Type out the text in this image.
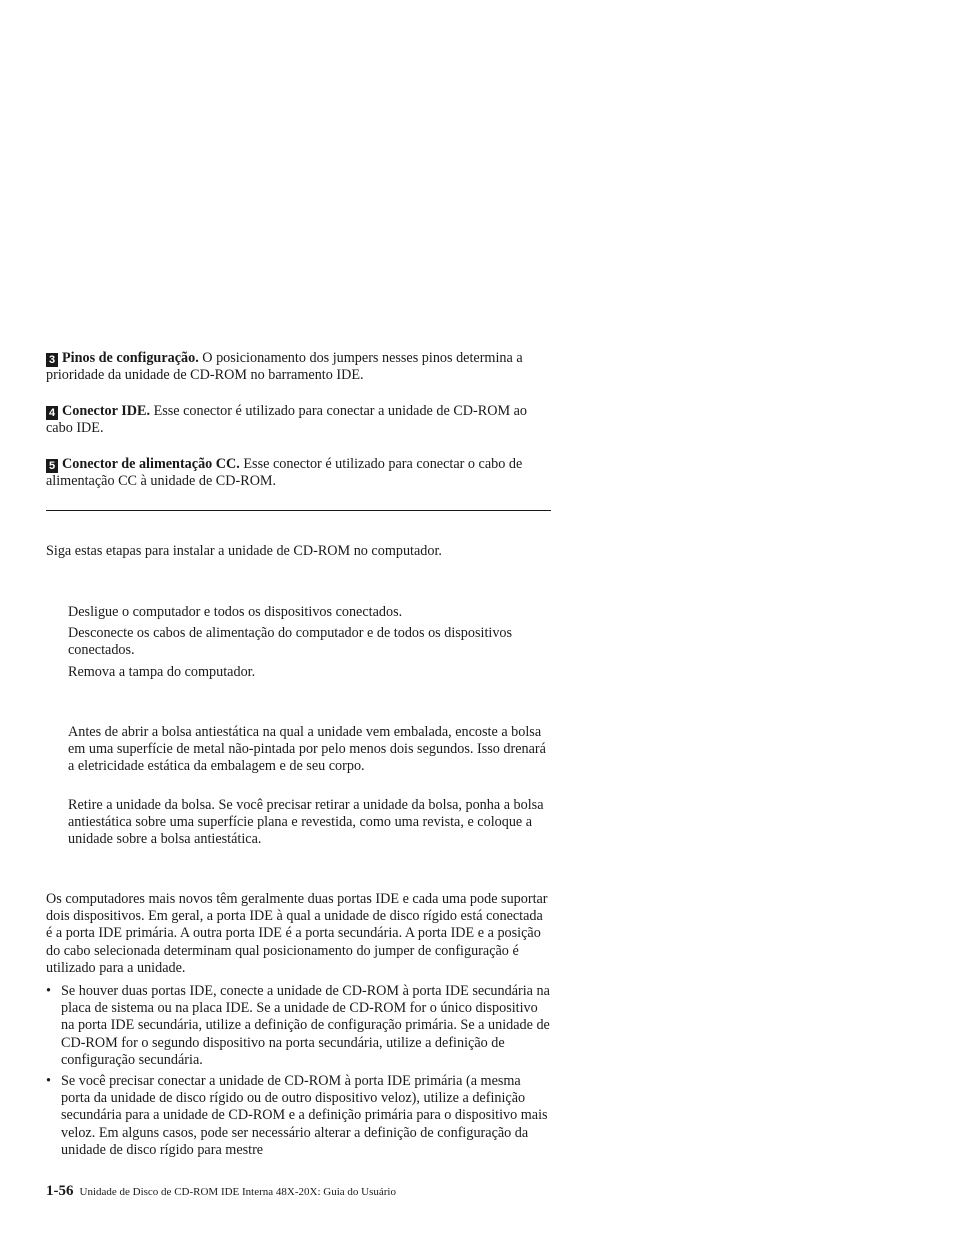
3 Pinos de configuração. O posicionamento dos jumpers nesses pinos determina a prioridade da unidade de CD-ROM no barramento IDE.

4 Conector IDE. Esse conector é utilizado para conectar a unidade de CD-ROM ao cabo IDE.

5 Conector de alimentação CC. Esse conector é utilizado para conectar o cabo de alimentação CC à unidade de CD-ROM.

Siga estas etapas para instalar a unidade de CD-ROM no computador.

Desligue o computador e todos os dispositivos conectados.

Desconecte os cabos de alimentação do computador e de todos os dispositivos conectados.

Remova a tampa do computador.

Antes de abrir a bolsa antiestática na qual a unidade vem embalada, encoste a bolsa em uma superfície de metal não-pintada por pelo menos dois segundos. Isso drenará a eletricidade estática da embalagem e de seu corpo.

Retire a unidade da bolsa. Se você precisar retirar a unidade da bolsa, ponha a bolsa antiestática sobre uma superfície plana e revestida, como uma revista, e coloque a unidade sobre a bolsa antiestática.

Os computadores mais novos têm geralmente duas portas IDE e cada uma pode suportar dois dispositivos. Em geral, a porta IDE à qual a unidade de disco rígido está conectada é a porta IDE primária. A outra porta IDE é a porta secundária. A porta IDE e a posição do cabo selecionada determinam qual posicionamento do jumper de configuração é utilizado para a unidade.

• Se houver duas portas IDE, conecte a unidade de CD-ROM à porta IDE secundária na placa de sistema ou na placa IDE. Se a unidade de CD-ROM for o único dispositivo na porta IDE secundária, utilize a definição de configuração primária. Se a unidade de CD-ROM for o segundo dispositivo na porta secundária, utilize a definição de configuração secundária.
• Se você precisar conectar a unidade de CD-ROM à porta IDE primária (a mesma porta da unidade de disco rígido ou de outro dispositivo veloz), utilize a definição secundária para a unidade de CD-ROM e a definição primária para o dispositivo mais veloz. Em alguns casos, pode ser necessário alterar a definição de configuração da unidade de disco rígido para mestre
1-56 Unidade de Disco de CD-ROM IDE Interna 48X-20X: Guia do Usuário
